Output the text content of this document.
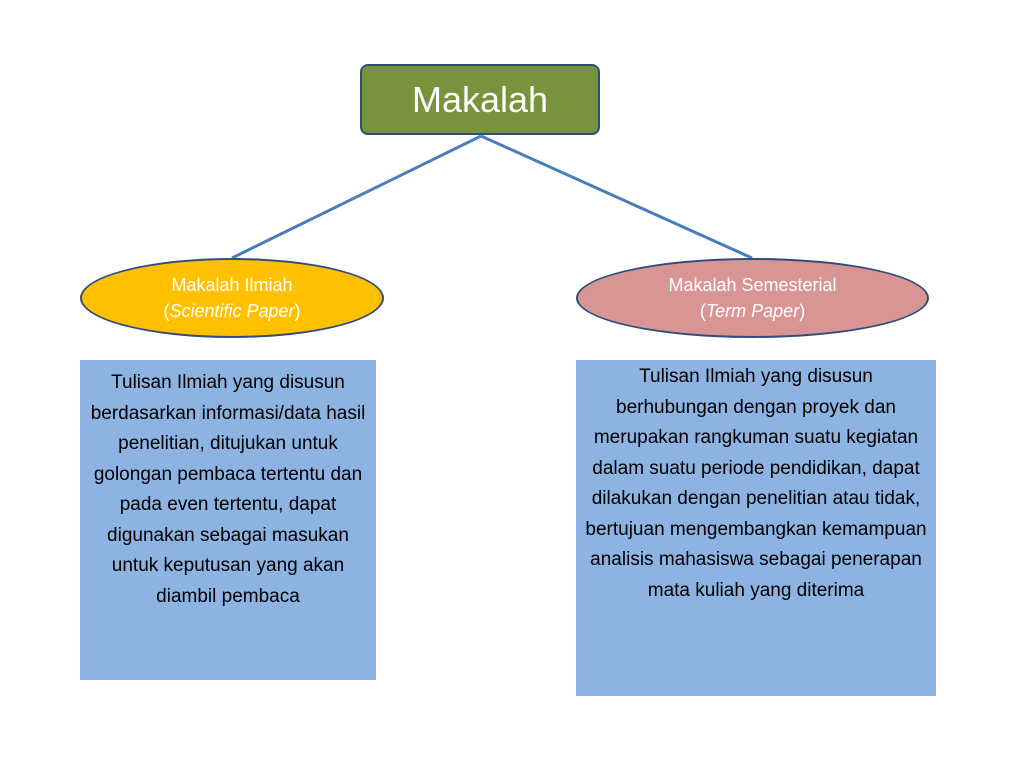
Makalah
Makalah Ilmiah
(Scientific Paper)
Makalah Semesterial
(Term Paper)
Tulisan Ilmiah yang disusun berdasarkan informasi/data hasil penelitian, ditujukan untuk golongan pembaca tertentu dan pada even tertentu, dapat digunakan sebagai masukan untuk keputusan yang akan diambil pembaca
Tulisan Ilmiah yang disusun berhubungan dengan proyek dan merupakan rangkuman suatu kegiatan dalam suatu periode pendidikan, dapat dilakukan dengan penelitian atau tidak, bertujuan mengembangkan kemampuan analisis mahasiswa sebagai penerapan mata kuliah yang diterima
